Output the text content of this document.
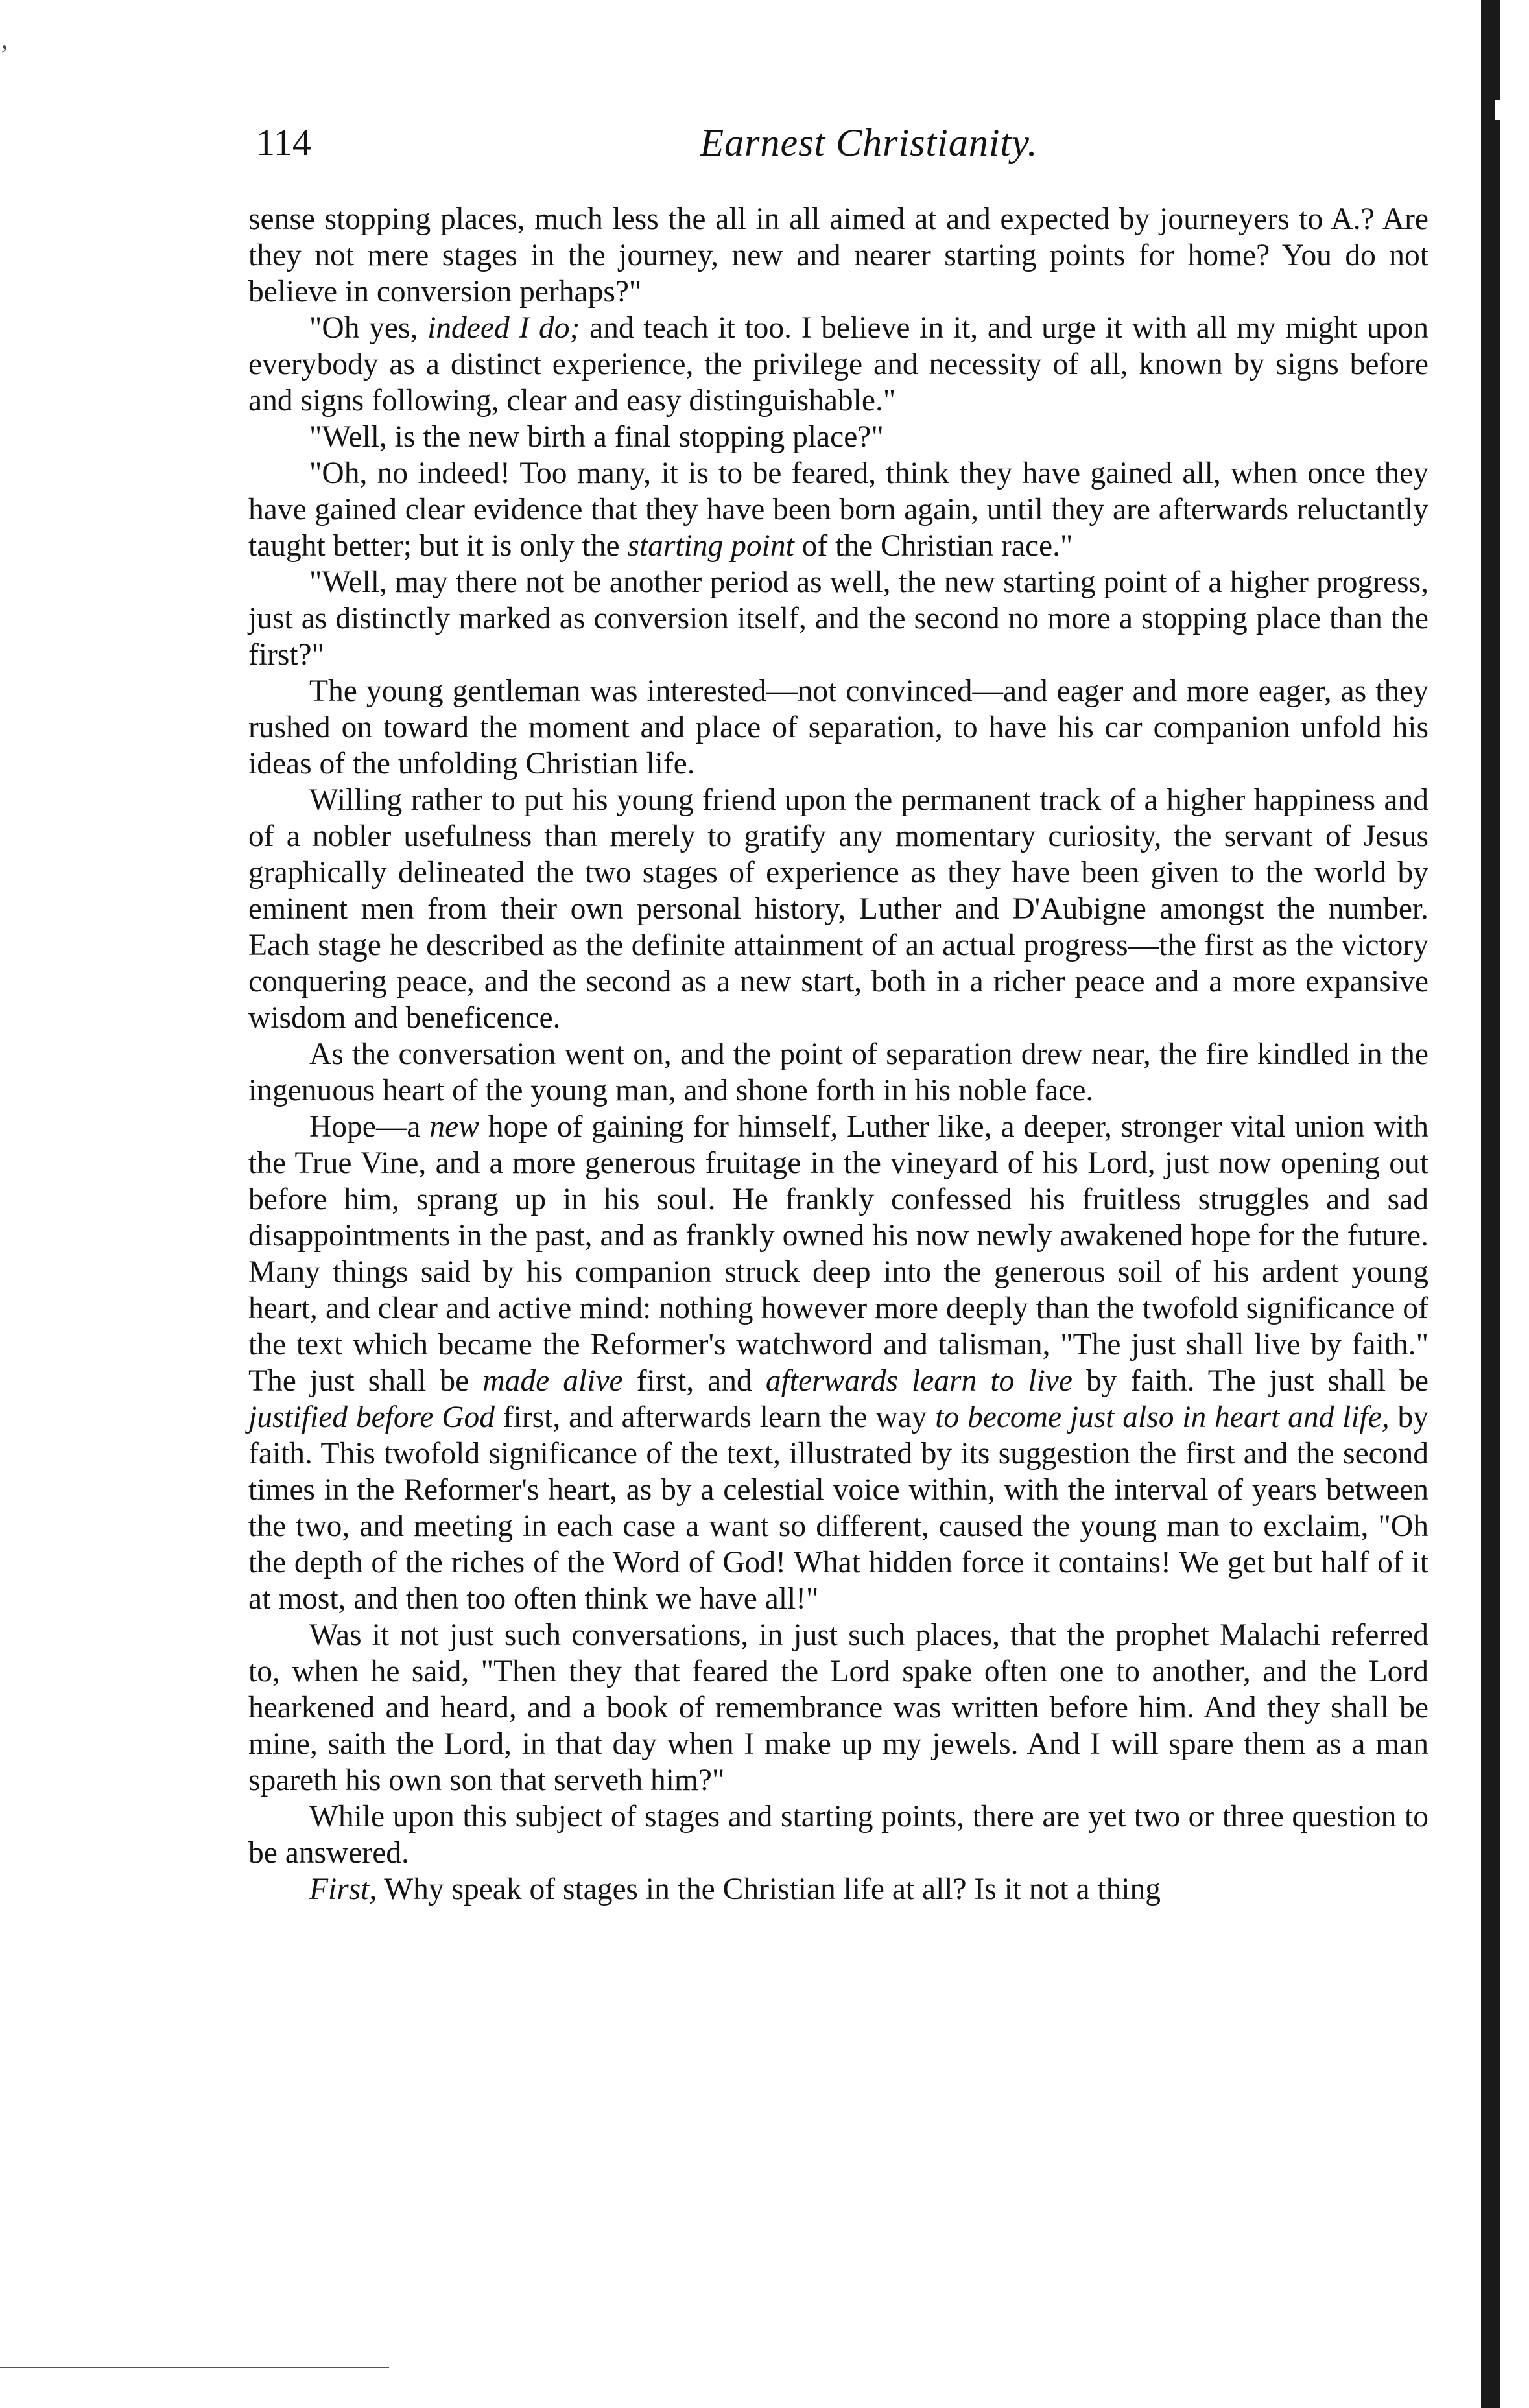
’
114	Earnest Christianity.

sense stopping places, much less the all in all aimed at and expected by journeyers to A.? Are they not mere stages in the journey, new and nearer starting points for home? You do not believe in conversion perhaps?"

"Oh yes, indeed I do; and teach it too. I believe in it, and urge it with all my might upon everybody as a distinct experience, the privilege and necessity of all, known by signs before and signs following, clear and easy distinguishable."

"Well, is the new birth a final stopping place?"

"Oh, no indeed! Too many, it is to be feared, think they have gained all, when once they have gained clear evidence that they have been born again, until they are afterwards reluctantly taught better; but it is only the starting point of the Christian race."

"Well, may there not be another period as well, the new starting point of a higher progress, just as distinctly marked as conversion itself, and the second no more a stopping place than the first?"

The young gentleman was interested—not convinced—and eager and more eager, as they rushed on toward the moment and place of separation, to have his car companion unfold his ideas of the unfolding Christian life.

Willing rather to put his young friend upon the permanent track of a higher happiness and of a nobler usefulness than merely to gratify any momentary curiosity, the servant of Jesus graphically delineated the two stages of experience as they have been given to the world by eminent men from their own personal history, Luther and D'Aubigne amongst the number. Each stage he described as the definite attainment of an actual progress—the first as the victory conquering peace, and the second as a new start, both in a richer peace and a more expansive wisdom and beneficence.

As the conversation went on, and the point of separation drew near, the fire kindled in the ingenuous heart of the young man, and shone forth in his noble face.

Hope—a new hope of gaining for himself, Luther like, a deeper, stronger vital union with the True Vine, and a more generous fruitage in the vineyard of his Lord, just now opening out before him, sprang up in his soul. He frankly confessed his fruitless struggles and sad disappointments in the past, and as frankly owned his now newly awakened hope for the future. Many things said by his companion struck deep into the generous soil of his ardent young heart, and clear and active mind: nothing however more deeply than the twofold significance of the text which became the Reformer's watchword and talisman, "The just shall live by faith." The just shall be made alive first, and afterwards learn to live by faith. The just shall be justified before God first, and afterwards learn the way to become just also in heart and life, by faith. This twofold significance of the text, illustrated by its suggestion the first and the second times in the Reformer's heart, as by a celestial voice within, with the interval of years between the two, and meeting in each case a want so different, caused the young man to exclaim, "Oh the depth of the riches of the Word of God! What hidden force it contains! We get but half of it at most, and then too often think we have all!"

Was it not just such conversations, in just such places, that the prophet Malachi referred to, when he said, "Then they that feared the Lord spake often one to another, and the Lord hearkened and heard, and a book of remembrance was written before him. And they shall be mine, saith the Lord, in that day when I make up my jewels. And I will spare them as a man spareth his own son that serveth him?"

While upon this subject of stages and starting points, there are yet two or three question to be answered.

First, Why speak of stages in the Christian life at all? Is it not a thing
